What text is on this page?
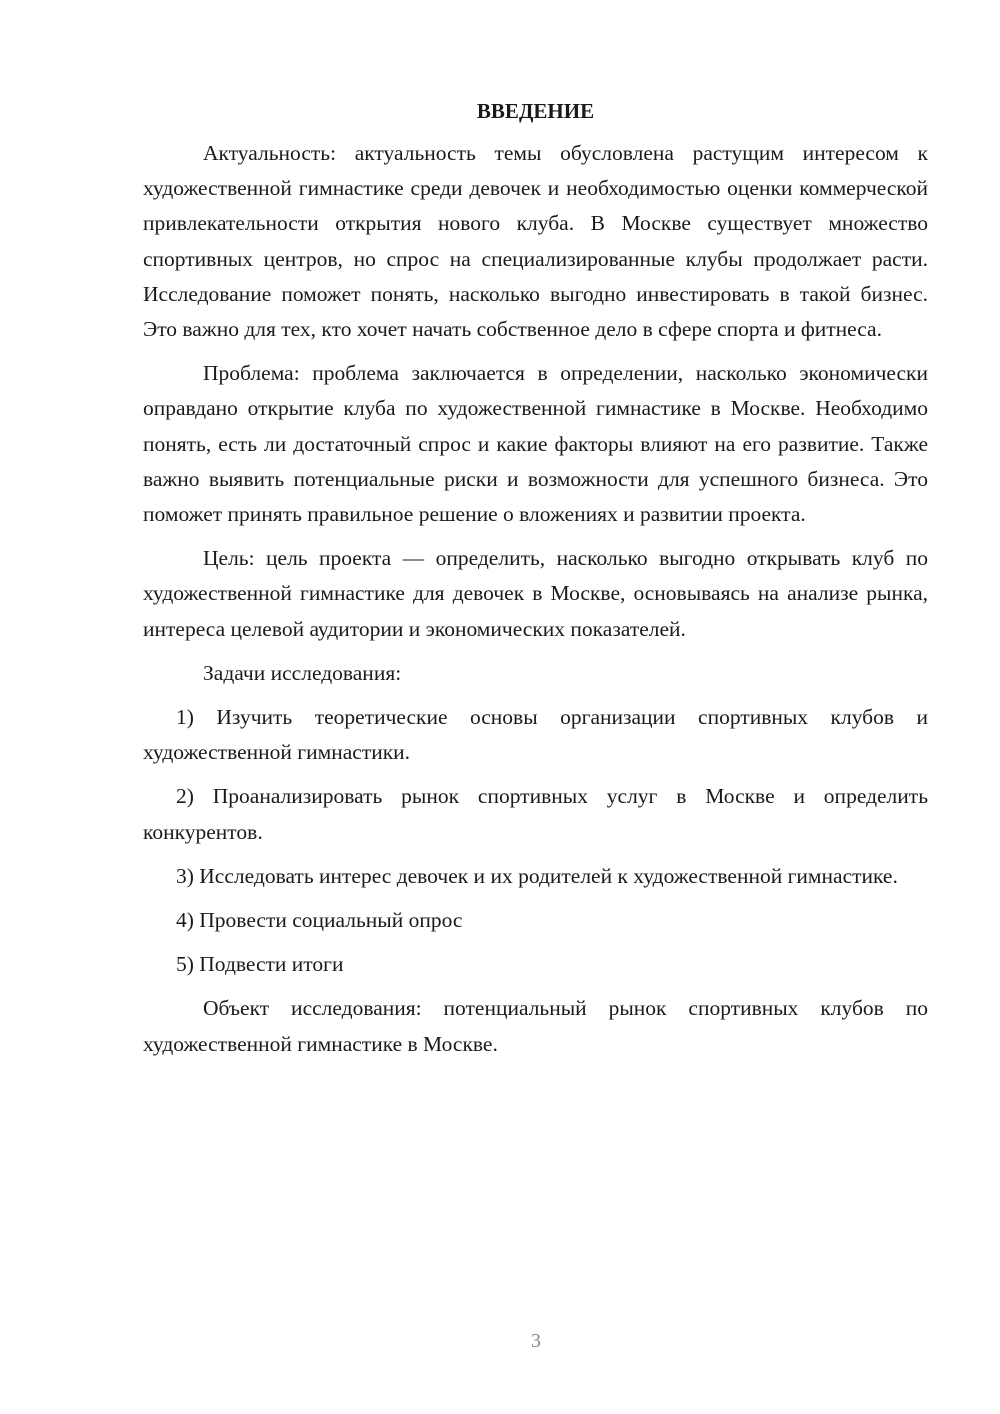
ВВЕДЕНИЕ

Актуальность: актуальность темы обусловлена растущим интересом к художественной гимнастике среди девочек и необходимостью оценки коммерческой привлекательности открытия нового клуба. В Москве существует множество спортивных центров, но спрос на специализированные клубы продолжает расти. Исследование поможет понять, насколько выгодно инвестировать в такой бизнес. Это важно для тех, кто хочет начать собственное дело в сфере спорта и фитнеса.

Проблема: проблема заключается в определении, насколько экономически оправдано открытие клуба по художественной гимнастике в Москве. Необходимо понять, есть ли достаточный спрос и какие факторы влияют на его развитие. Также важно выявить потенциальные риски и возможности для успешного бизнеса. Это поможет принять правильное решение о вложениях и развитии проекта.

Цель: цель проекта — определить, насколько выгодно открывать клуб по художественной гимнастике для девочек в Москве, основываясь на анализе рынка, интереса целевой аудитории и экономических показателей.

Задачи исследования:

1) Изучить теоретические основы организации спортивных клубов и художественной гимнастики.

2) Проанализировать рынок спортивных услуг в Москве и определить конкурентов.

3) Исследовать интерес девочек и их родителей к художественной гимнастике.

4) Провести социальный опрос

5) Подвести итоги

Объект исследования: потенциальный рынок спортивных клубов по художественной гимнастике в Москве.

3
